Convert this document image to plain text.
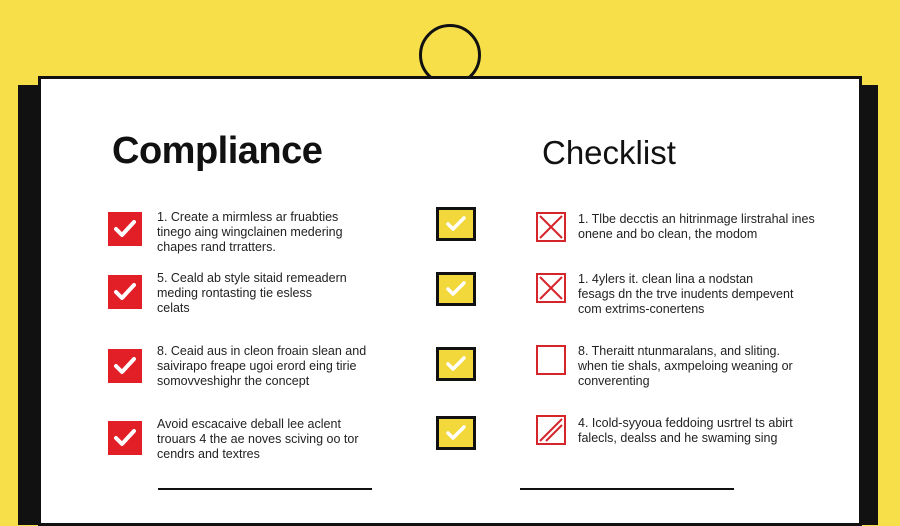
Compliance	Checklist
1. Create a mirmless ar fruabties
tinego aing wingclainen medering
chapes rand trratters.
5. Ceald ab style sitaid remeadern
meding rontasting tie esless
celats
8. Ceaid aus in cleon froain slean and
saivirapo freape ugoi erord eing tirie
somovveshighr the concept
Avoid escacaive deball lee aclent
trouars 4 the ae noves sciving oo tor
cendrs and textres
1. Tlbe decctis an hitrinmage lirstrahal ines
onene and bo clean, the modom
1. 4ylers it. clean lina a nodstan
fesags dn the trve inudents dempevent
com extrims-conertens
8. Theraitt ntunmaralans, and sliting.
when tie shals, axmpeloing weaning or
converenting
4. Icold-syyoua feddoing usrtrel ts abirt
falecls, dealss and he swaming sing
